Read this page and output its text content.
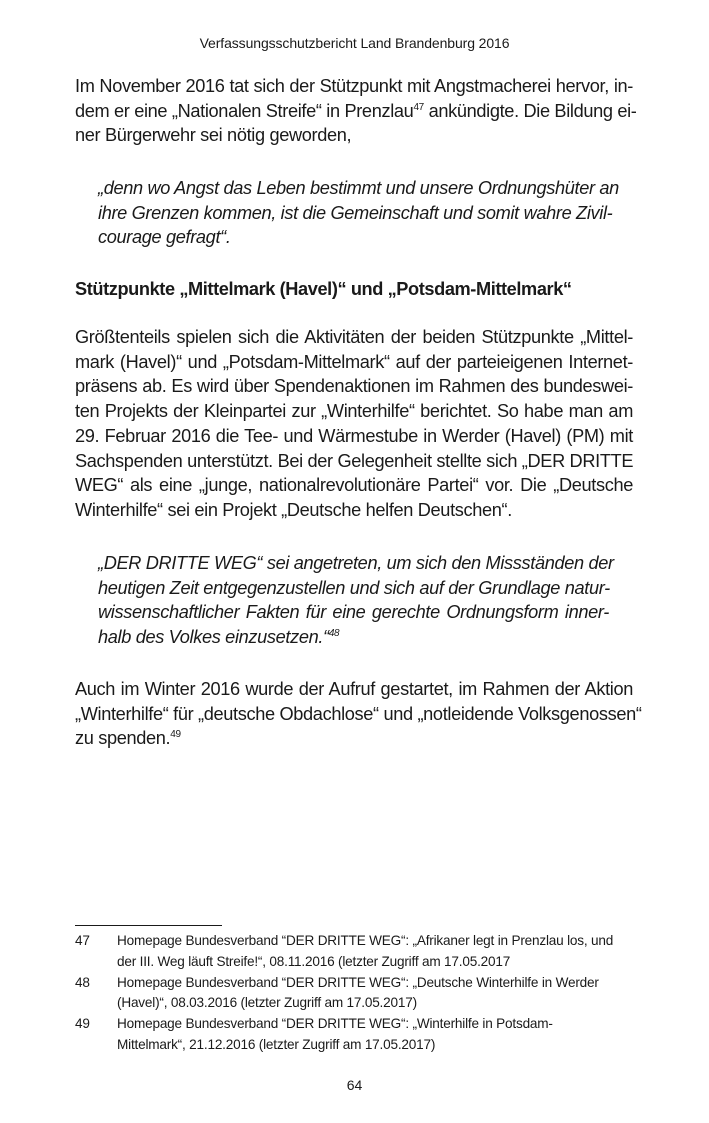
Verfassungsschutzbericht Land Brandenburg 2016
Im November 2016 tat sich der Stützpunkt mit Angstmacherei hervor, in-
dem er eine „Nationalen Streife“ in Prenzlau$^{47}$ ankündigte. Die Bildung ei-
ner Bürgerwehr sei nötig geworden,
„denn wo Angst das Leben bestimmt und unsere Ordnungshüter an
ihre Grenzen kommen, ist die Gemeinschaft und somit wahre Zivil-
courage gefragt“.
Stützpunkte „Mittelmark (Havel)“ und „Potsdam-Mittelmark“
Größtenteils spielen sich die Aktivitäten der beiden Stützpunkte „Mittel-
mark (Havel)“ und „Potsdam-Mittelmark“ auf der parteieigenen Internet-
präsens ab. Es wird über Spendenaktionen im Rahmen des bundeswei-
ten Projekts der Kleinpartei zur „Winterhilfe“ berichtet. So habe man am
29. Februar 2016 die Tee- und Wärmestube in Werder (Havel) (PM) mit
Sachspenden unterstützt. Bei der Gelegenheit stellte sich „DER DRITTE
WEG“ als eine „junge, nationalrevolutionäre Partei“ vor. Die „Deutsche
Winterhilfe“ sei ein Projekt „Deutsche helfen Deutschen“.
„DER DRITTE WEG“ sei angetreten, um sich den Missständen der
heutigen Zeit entgegenzustellen und sich auf der Grundlage natur-
wissenschaftlicher Fakten für eine gerechte Ordnungsform inner-
halb des Volkes einzusetzen.“$^{48}$
Auch im Winter 2016 wurde der Aufruf gestartet, im Rahmen der Aktion
„Winterhilfe“ für „deutsche Obdachlose“ und „notleidende Volksgenossen“
zu spenden.$^{49}$
47	Homepage Bundesverband “DER DRITTE WEG“: „Afrikaner legt in Prenzlau los, und
der III. Weg läuft Streife!“, 08.11.2016 (letzter Zugriff am 17.05.2017
48	Homepage Bundesverband “DER DRITTE WEG“: „Deutsche Winterhilfe in Werder
(Havel)“, 08.03.2016 (letzter Zugriff am 17.05.2017)
49	Homepage Bundesverband “DER DRITTE WEG“: „Winterhilfe in Potsdam-
Mittelmark“, 21.12.2016 (letzter Zugriff am 17.05.2017)
64
